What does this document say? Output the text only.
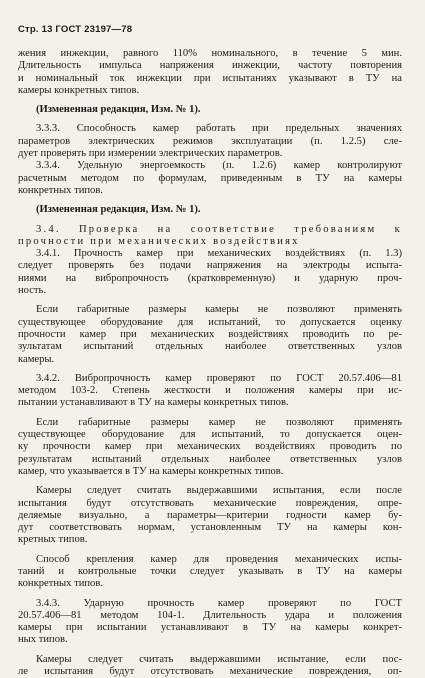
Стр. 13 ГОСТ 23197—78
жения инжекции, равного 110% номинального, в течение 5 мин.
Длительность импульса напряжения инжекции, частоту повторения
и номинальный ток инжекции при испытаниях указывают в ТУ на
камеры конкретных типов.
(Измененная редакция, Изм. № 1).
3.3.3. Способность камер работать при предельных значениях
параметров электрических режимов эксплуатации (п. 1.2.5) сле-
дует проверять при измерении электрических параметров.
3.3.4. Удельную энергоемкость (п. 1.2.6) камер контролируют
расчетным методом по формулам, приведенным в ТУ на камеры
конкретных типов.
(Измененная редакция, Изм. № 1).
3.4. Проверка на соответствие требованиям к
прочности при механических воздействиях
3.4.1. Прочность камер при механических воздействиях (п. 1.3)
следует проверять без подачи напряжения на электроды испыта-
ниями на вибропрочность (кратковременную) и ударную проч-
ность.
Если габаритные размеры камеры не позволяют применять
существующее оборудование для испытаний, то допускается оценку
прочности камер при механических воздействиях проводить по ре-
зультатам испытаний отдельных наиболее ответственных узлов
камеры.
3.4.2. Вибропрочность камер проверяют по ГОСТ 20.57.406—81
методом 103-2. Степень жесткости и положения камеры при ис-
пытании устанавливают в ТУ на камеры конкретных типов.
Если габаритные размеры камер не позволяют применять
существующее оборудование для испытаний, то допускается оцен-
ку прочности камер при механических воздействиях проводить по
результатам испытаний отдельных наиболее ответственных узлов
камер, что указывается в ТУ на камеры конкретных типов.
Камеры следует считать выдержавшими испытания, если после
испытания будут отсутствовать механические повреждения, опре-
деляемые визуально, а параметры—критерии годности камер бу-
дут соответствовать нормам, установленным ТУ на камеры кон-
кретных типов.
Способ крепления камер для проведения механических испы-
таний и контрольные точки следует указывать в ТУ на камеры
конкретных типов.
3.4.3. Ударную прочность камер проверяют по ГОСТ
20.57.406—81 методом 104-1. Длительность удара и положения
камеры при испытании устанавливают в ТУ на камеры конкрет-
ных типов.
Камеры следует считать выдержавшими испытание, если пос-
ле испытания будут отсутствовать механические повреждения, оп-
